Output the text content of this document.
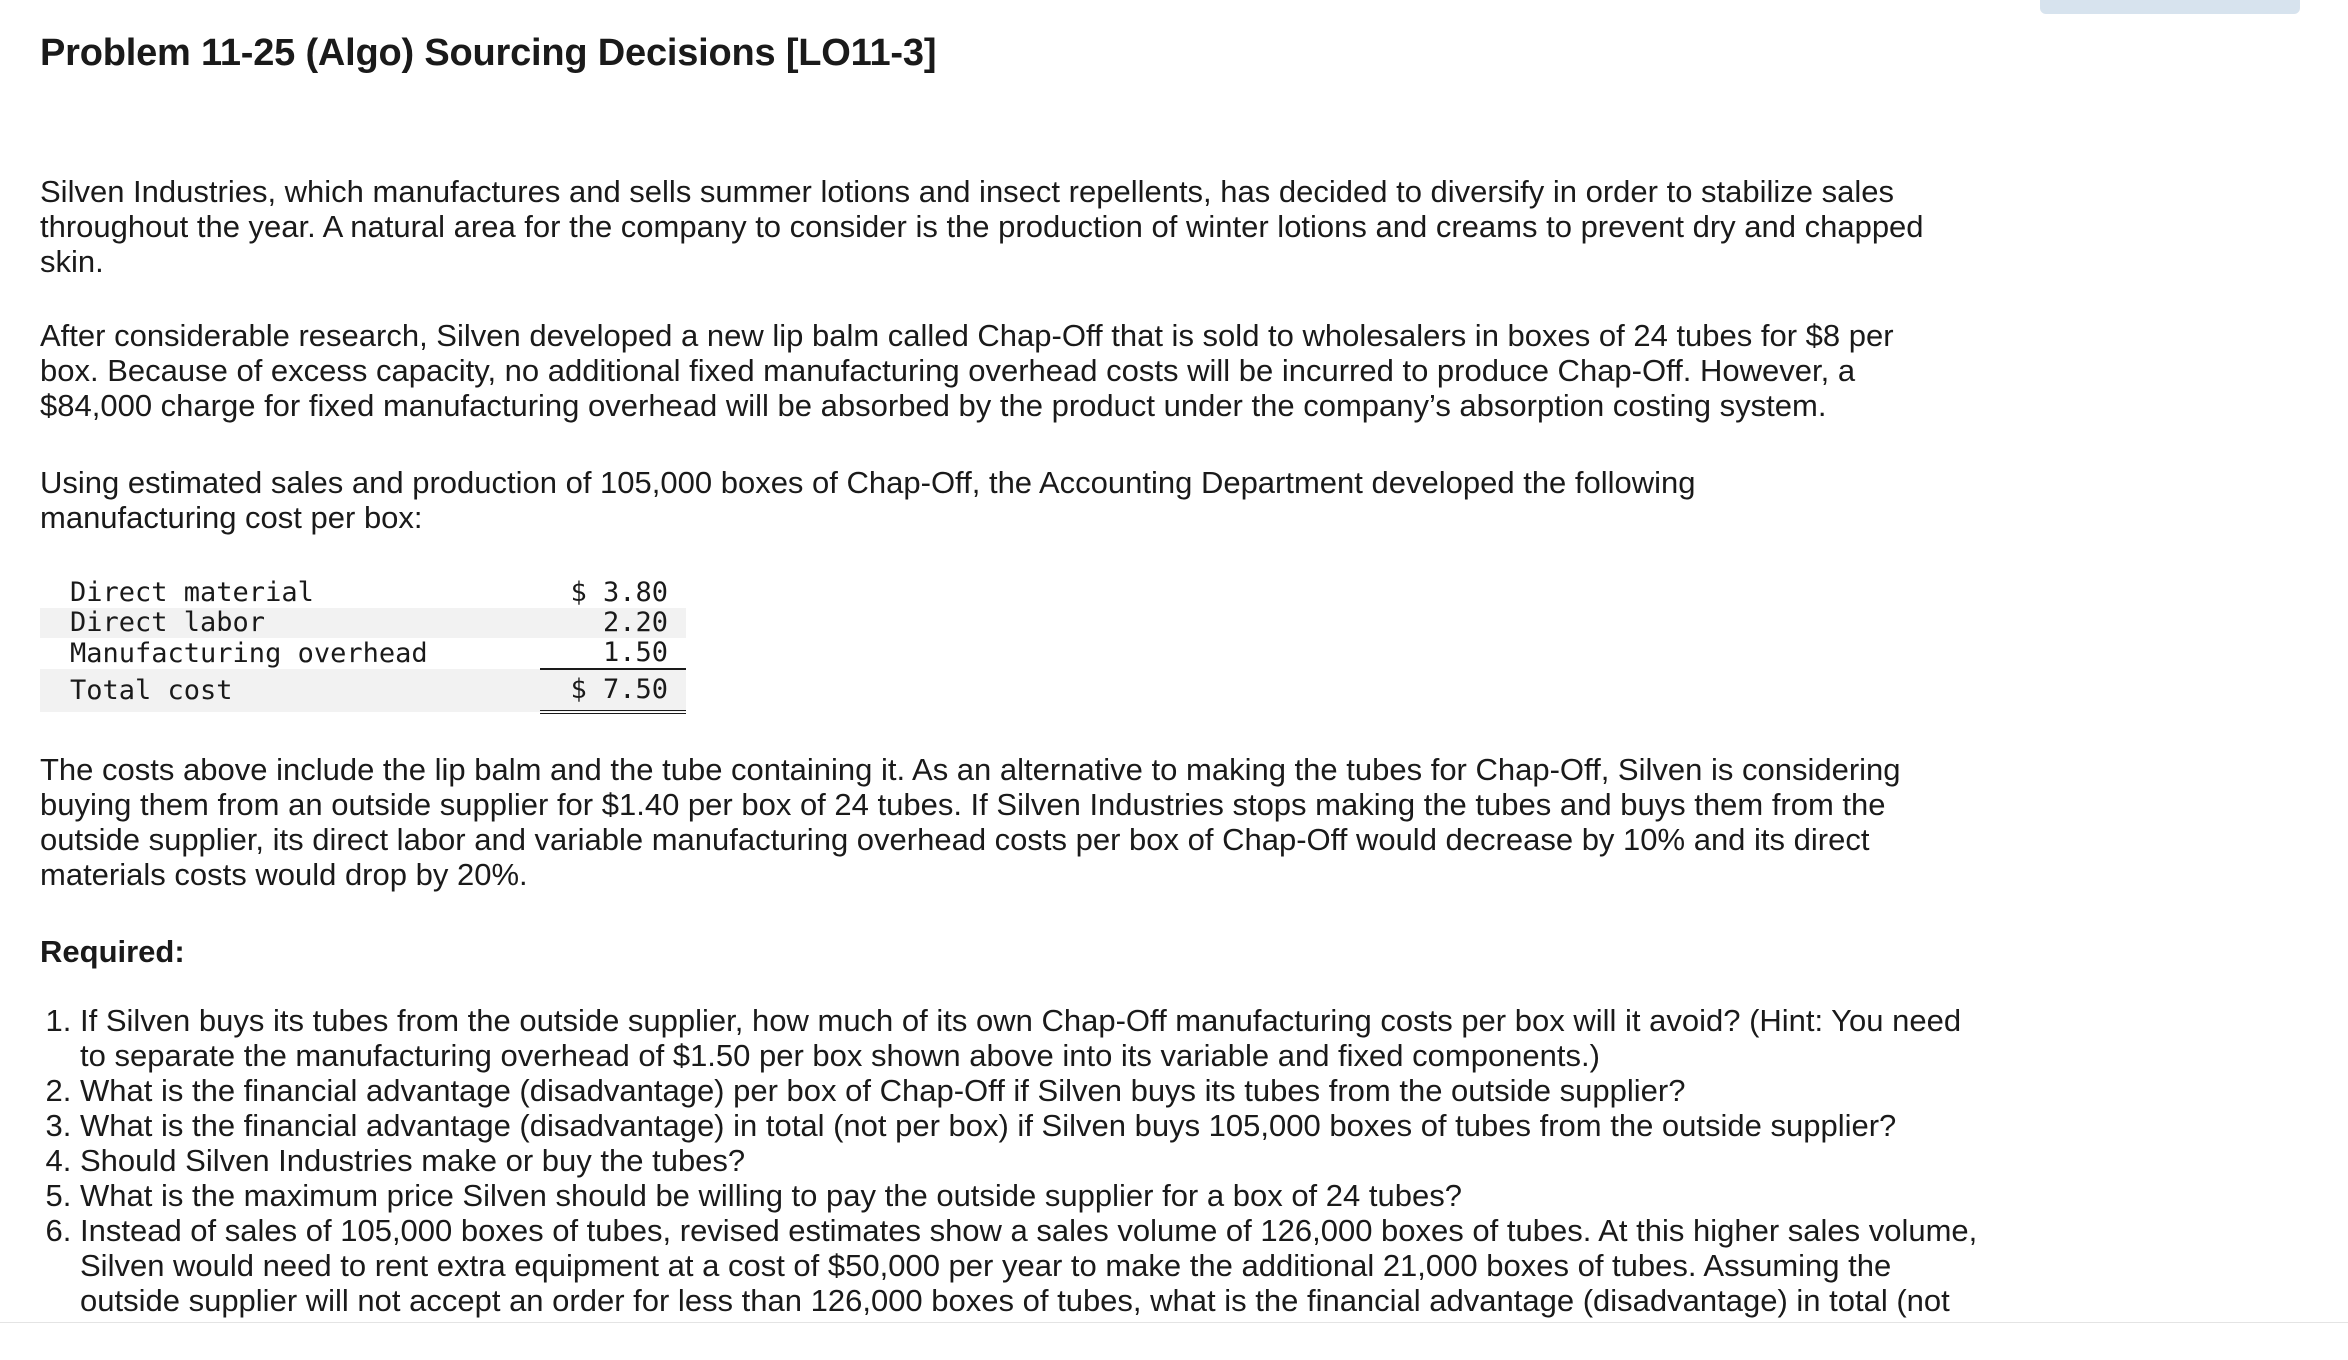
Problem 11-25 (Algo) Sourcing Decisions [LO11-3]

Silven Industries, which manufactures and sells summer lotions and insect repellents, has decided to diversify in order to stabilize sales throughout the year. A natural area for the company to consider is the production of winter lotions and creams to prevent dry and chapped skin.

After considerable research, Silven developed a new lip balm called Chap-Off that is sold to wholesalers in boxes of 24 tubes for $8 per box. Because of excess capacity, no additional fixed manufacturing overhead costs will be incurred to produce Chap-Off. However, a $84,000 charge for fixed manufacturing overhead will be absorbed by the product under the company’s absorption costing system.

Using estimated sales and production of 105,000 boxes of Chap-Off, the Accounting Department developed the following manufacturing cost per box:

Direct material	$ 3.80
Direct labor	2.20
Manufacturing overhead	1.50
Total cost	$ 7.50

The costs above include the lip balm and the tube containing it. As an alternative to making the tubes for Chap-Off, Silven is considering buying them from an outside supplier for $1.40 per box of 24 tubes. If Silven Industries stops making the tubes and buys them from the outside supplier, its direct labor and variable manufacturing overhead costs per box of Chap-Off would decrease by 10% and its direct materials costs would drop by 20%.

Required:
1. If Silven buys its tubes from the outside supplier, how much of its own Chap-Off manufacturing costs per box will it avoid? (Hint: You need to separate the manufacturing overhead of $1.50 per box shown above into its variable and fixed components.)
2. What is the financial advantage (disadvantage) per box of Chap-Off if Silven buys its tubes from the outside supplier?
3. What is the financial advantage (disadvantage) in total (not per box) if Silven buys 105,000 boxes of tubes from the outside supplier?
4. Should Silven Industries make or buy the tubes?
5. What is the maximum price Silven should be willing to pay the outside supplier for a box of 24 tubes?
6. Instead of sales of 105,000 boxes of tubes, revised estimates show a sales volume of 126,000 boxes of tubes. At this higher sales volume, Silven would need to rent extra equipment at a cost of $50,000 per year to make the additional 21,000 boxes of tubes. Assuming the outside supplier will not accept an order for less than 126,000 boxes of tubes, what is the financial advantage (disadvantage) in total (not
